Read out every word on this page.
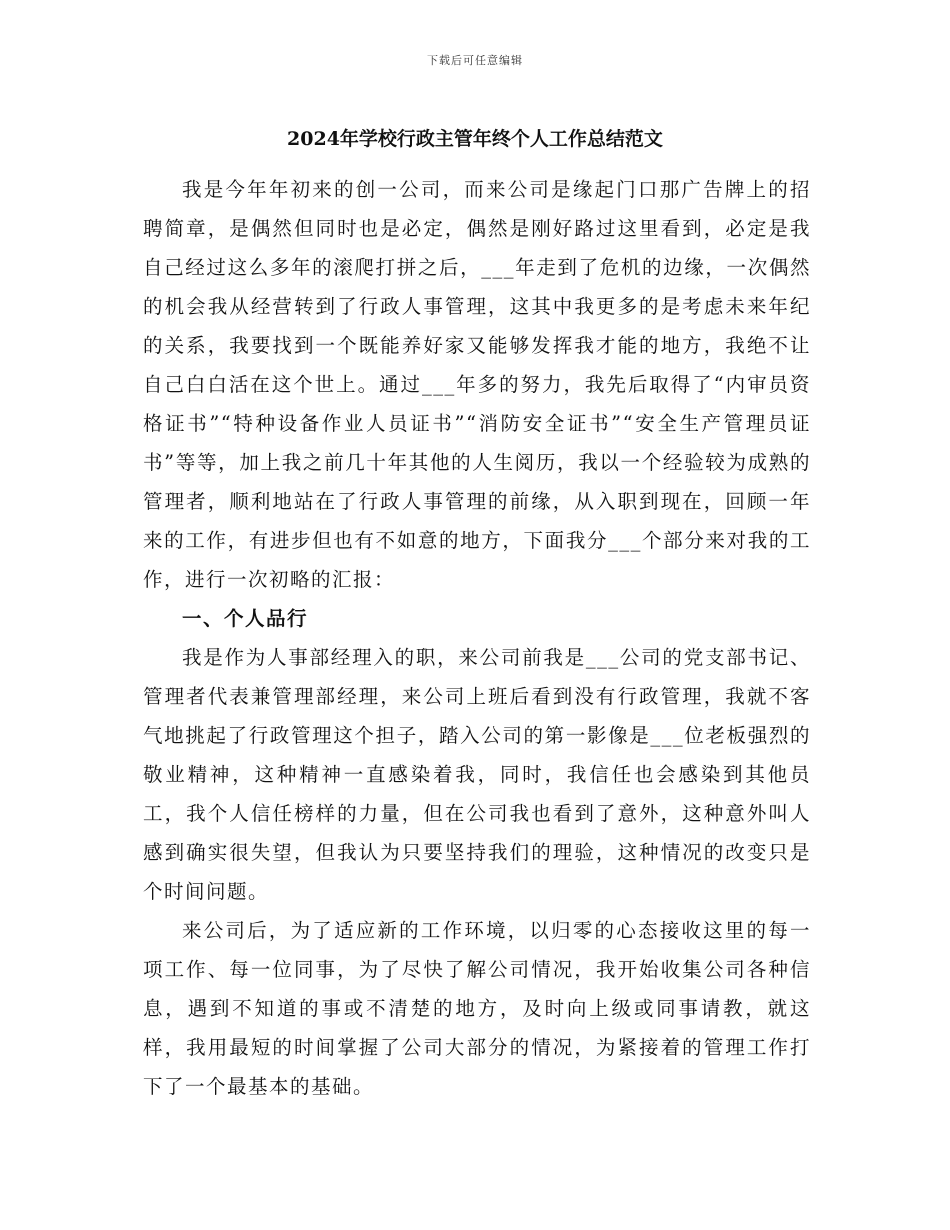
下载后可任意编辑
2024年学校行政主管年终个人工作总结范文

我是今年年初来的创一公司，而来公司是缘起门口那广告牌上的招聘简章，是偶然但同时也是必定，偶然是刚好路过这里看到，必定是我自己经过这么多年的滚爬打拼之后，___年走到了危机的边缘，一次偶然的机会我从经营转到了行政人事管理，这其中我更多的是考虑未来年纪的关系，我要找到一个既能养好家又能够发挥我才能的地方，我绝不让自己白白活在这个世上。通过___年多的努力，我先后取得了“内审员资格证书”“特种设备作业人员证书”“消防安全证书”“安全生产管理员证书”等等，加上我之前几十年其他的人生阅历，我以一个经验较为成熟的管理者，顺利地站在了行政人事管理的前缘，从入职到现在，回顾一年来的工作，有进步但也有不如意的地方，下面我分___个部分来对我的工作，进行一次初略的汇报：

一、个人品行

我是作为人事部经理入的职，来公司前我是___公司的党支部书记、管理者代表兼管理部经理，来公司上班后看到没有行政管理，我就不客气地挑起了行政管理这个担子，踏入公司的第一影像是___位老板强烈的敬业精神，这种精神一直感染着我，同时，我信任也会感染到其他员工，我个人信任榜样的力量，但在公司我也看到了意外，这种意外叫人感到确实很失望，但我认为只要坚持我们的理验，这种情况的改变只是个时间问题。

来公司后，为了适应新的工作环境，以归零的心态接收这里的每一项工作、每一位同事，为了尽快了解公司情况，我开始收集公司各种信息，遇到不知道的事或不清楚的地方，及时向上级或同事请教，就这样，我用最短的时间掌握了公司大部分的情况，为紧接着的管理工作打下了一个最基本的基础。
